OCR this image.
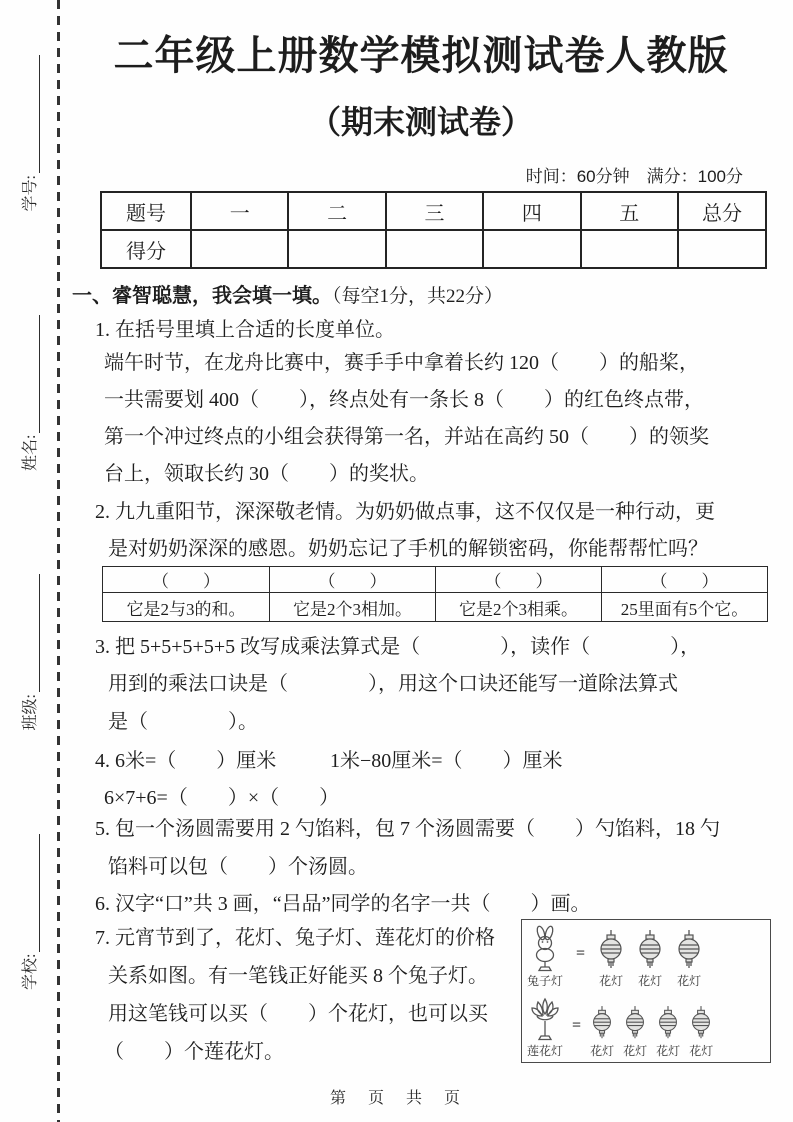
学校:
班级:
姓名:
学号:
二年级上册数学模拟测试卷人教版
（期末测试卷）
时间：60分钟　满分：100分
题号	一	二	三	四	五	总分
得分
一、睿智聪慧，我会填一填。（每空1分，共22分）
1. 在括号里填上合适的长度单位。
端午时节，在龙舟比赛中，赛手手中拿着长约 120（　　）的船桨，
一共需要划 400（　　），终点处有一条长 8（　　）的红色终点带，
第一个冲过终点的小组会获得第一名，并站在高约 50（　　）的领奖
台上，领取长约 30（　　）的奖状。
2. 九九重阳节，深深敬老情。为奶奶做点事，这不仅仅是一种行动，更
是对奶奶深深的感恩。奶奶忘记了手机的解锁密码，你能帮帮忙吗？
（　　）	（　　）	（　　）	（　　）
它是2与3的和。	它是2个3相加。	它是2个3相乘。	25里面有5个它。
3. 把 5+5+5+5+5 改写成乘法算式是（　　　　），读作（　　　　），
用到的乘法口诀是（　　　　），用这个口诀还能写一道除法算式
是（　　　　）。
4. 6米=（　　）厘米	1米−80厘米=（　　）厘米
6×7+6=（　　）×（　　）
5. 包一个汤圆需要用 2 勺馅料，包 7 个汤圆需要（　　）勺馅料，18 勺
馅料可以包（　　）个汤圆。
6. 汉字“口”共 3 画，“吕品”同学的名字一共（　　）画。
7. 元宵节到了，花灯、兔子灯、莲花灯的价格
关系如图。有一笔钱正好能买 8 个兔子灯。
用这笔钱可以买（　　）个花灯，也可以买
（　　）个莲花灯。
兔子灯
=
花灯 花灯 花灯
莲花灯
=
花灯 花灯 花灯 花灯
第　页　共　页
